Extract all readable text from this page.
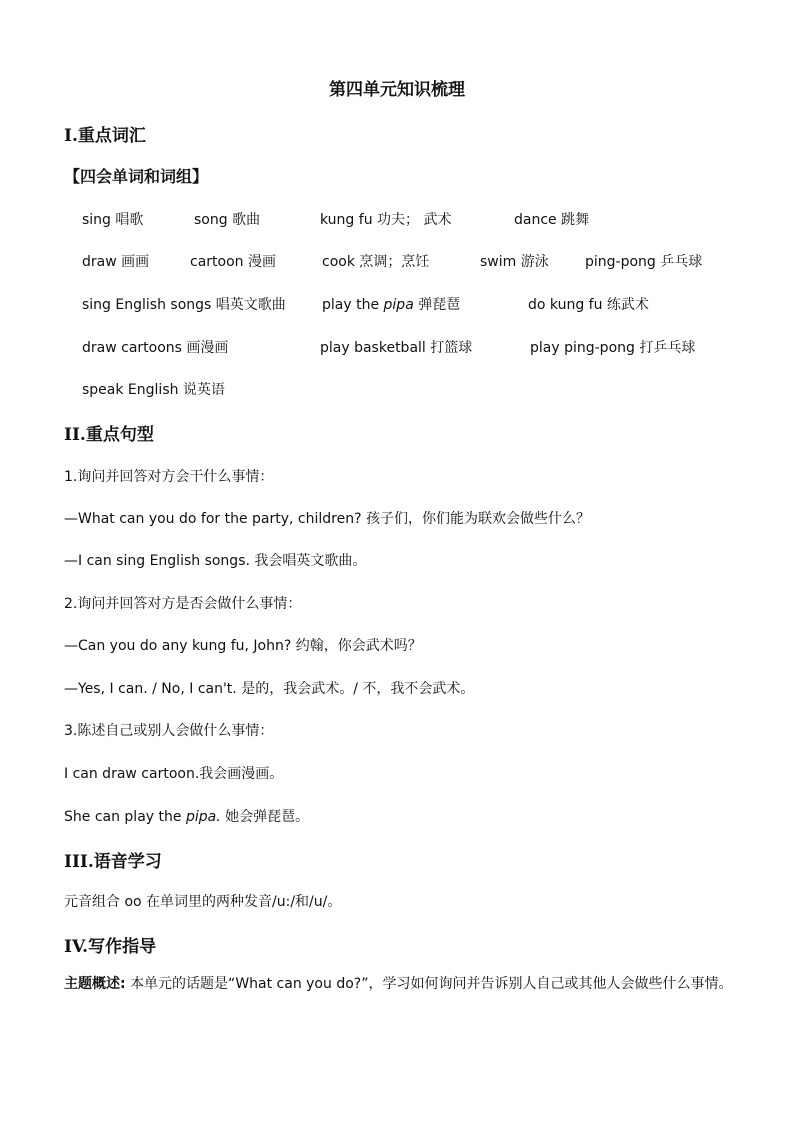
第四单元知识梳理
I.重点词汇
【四会单词和词组】
sing 唱歌	song 歌曲	kung fu 功夫； 武术	dance 跳舞
draw 画画	cartoon 漫画	cook 烹调；烹饪	swim 游泳	ping-pong 乒乓球
sing English songs 唱英文歌曲	play the pipa 弹琵琶	do kung fu 练武术
draw cartoons 画漫画	play basketball 打篮球	play ping-pong 打乒乓球
speak English 说英语
II.重点句型
1.询问并回答对方会干什么事情：
—What can you do for the party, children? 孩子们，你们能为联欢会做些什么？
—I can sing English songs. 我会唱英文歌曲。
2.询问并回答对方是否会做什么事情：
—Can you do any kung fu, John? 约翰，你会武术吗？
—Yes, I can. / No, I can't. 是的，我会武术。/ 不，我不会武术。
3.陈述自己或别人会做什么事情：
I can draw cartoon.我会画漫画。
She can play the pipa. 她会弹琵琶。
III.语音学习
元音组合 oo 在单词里的两种发音/u:/和/u/。
IV.写作指导
主题概述: 本单元的话题是“What can you do?”，学习如何询问并告诉别人自己或其他人会做些什么事情。
